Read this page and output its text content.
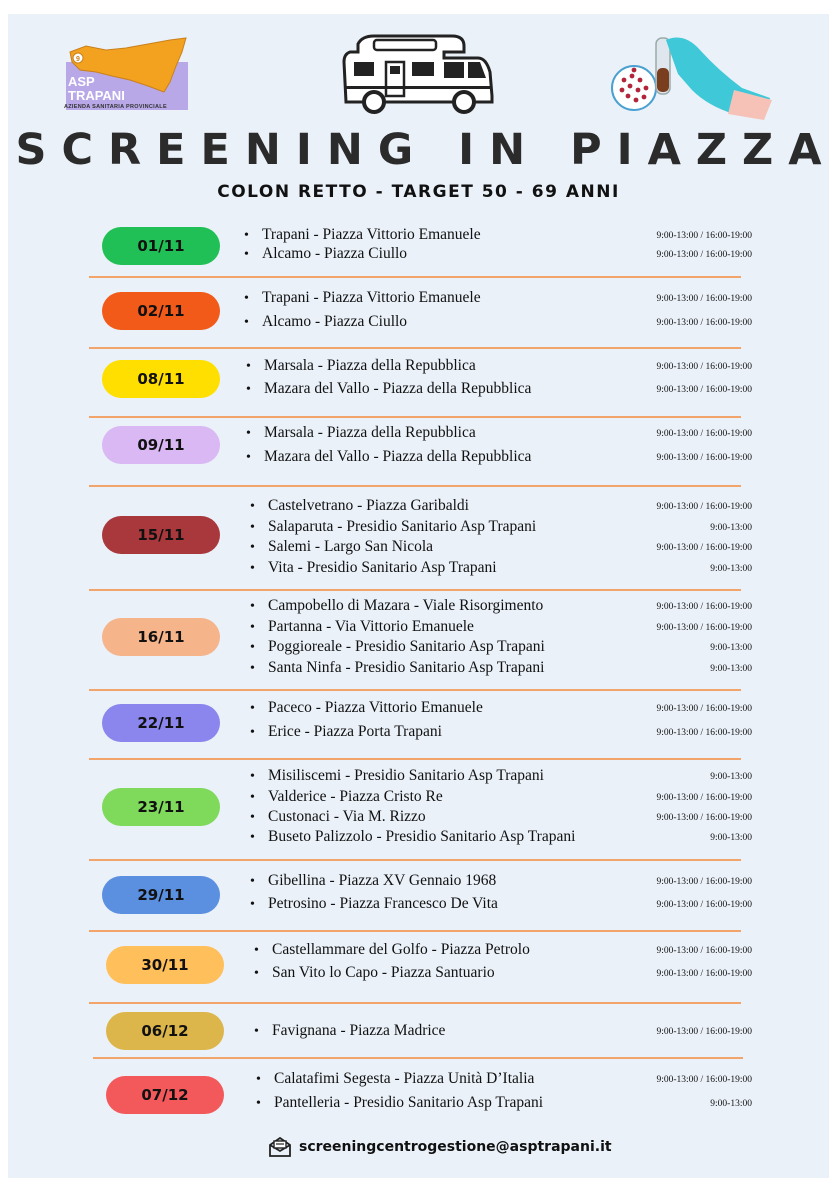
9
ASP
TRAPANI
AZIENDA SANITARIA PROVINCIALE
SCREENING IN PIAZZA
COLON RETTO - TARGET 50 - 69 ANNI
01/11
• Trapani - Piazza Vittorio Emanuele	9:00-13:00 / 16:00-19:00
• Alcamo - Piazza Ciullo	9:00-13:00 / 16:00-19:00
02/11
• Trapani - Piazza Vittorio Emanuele	9:00-13:00 / 16:00-19:00
• Alcamo - Piazza Ciullo	9:00-13:00 / 16:00-19:00
08/11
• Marsala - Piazza della Repubblica	9:00-13:00 / 16:00-19:00
• Mazara del Vallo - Piazza della Repubblica	9:00-13:00 / 16:00-19:00
09/11
• Marsala - Piazza della Repubblica	9:00-13:00 / 16:00-19:00
• Mazara del Vallo - Piazza della Repubblica	9:00-13:00 / 16:00-19:00
15/11
• Castelvetrano - Piazza Garibaldi	9:00-13:00 / 16:00-19:00
• Salaparuta - Presidio Sanitario Asp Trapani	9:00-13:00
• Salemi - Largo San Nicola	9:00-13:00 / 16:00-19:00
• Vita - Presidio Sanitario Asp Trapani	9:00-13:00
16/11
• Campobello di Mazara - Viale Risorgimento	9:00-13:00 / 16:00-19:00
• Partanna - Via Vittorio Emanuele	9:00-13:00 / 16:00-19:00
• Poggioreale - Presidio Sanitario Asp Trapani	9:00-13:00
• Santa Ninfa - Presidio Sanitario Asp Trapani	9:00-13:00
22/11
• Paceco - Piazza Vittorio Emanuele	9:00-13:00 / 16:00-19:00
• Erice - Piazza Porta Trapani	9:00-13:00 / 16:00-19:00
23/11
• Misiliscemi - Presidio Sanitario Asp Trapani	9:00-13:00
• Valderice - Piazza Cristo Re	9:00-13:00 / 16:00-19:00
• Custonaci - Via M. Rizzo	9:00-13:00 / 16:00-19:00
• Buseto Palizzolo - Presidio Sanitario Asp Trapani	9:00-13:00
29/11
• Gibellina - Piazza XV Gennaio 1968	9:00-13:00 / 16:00-19:00
• Petrosino - Piazza Francesco De Vita	9:00-13:00 / 16:00-19:00
30/11
• Castellammare del Golfo - Piazza Petrolo	9:00-13:00 / 16:00-19:00
• San Vito lo Capo - Piazza Santuario	9:00-13:00 / 16:00-19:00
06/12
•	Favignana - Piazza Madrice	9:00-13:00 / 16:00-19:00
07/12
• Calatafimi Segesta - Piazza Unità D’Italia	9:00-13:00 / 16:00-19:00
• Pantelleria - Presidio Sanitario Asp Trapani	9:00-13:00
screeningcentrogestione@asptrapani.it
